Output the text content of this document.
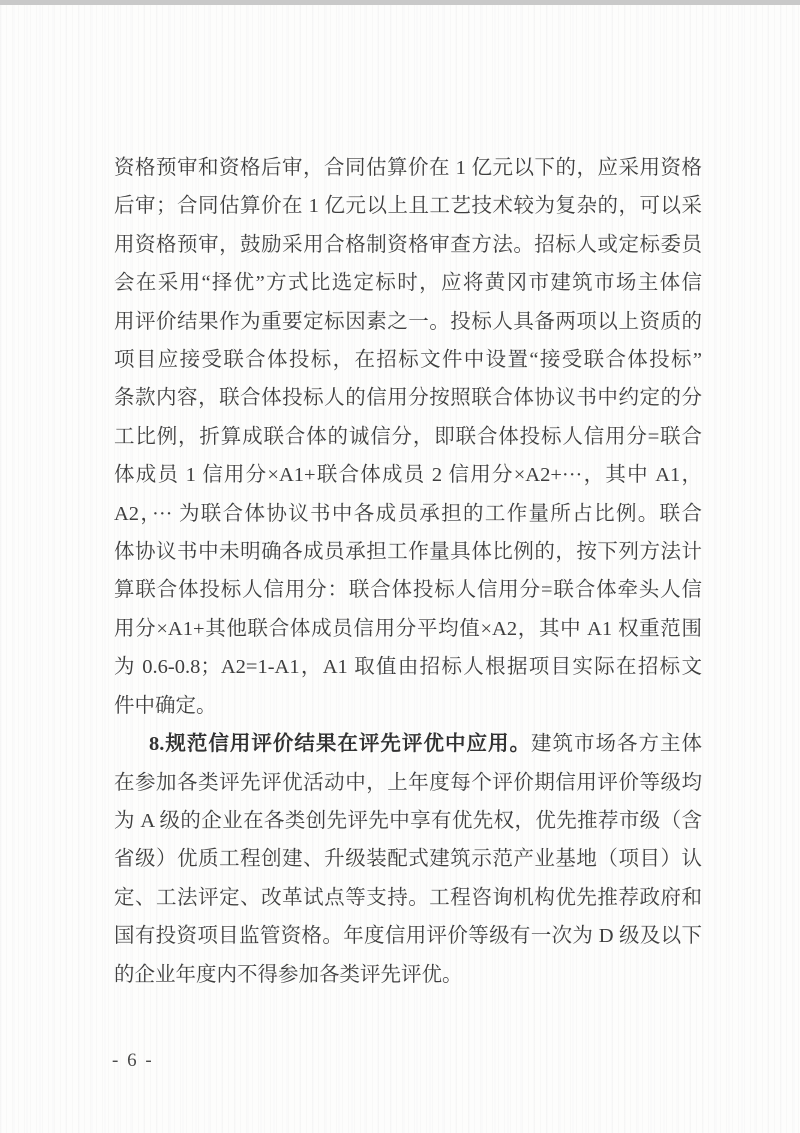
资格预审和资格后审，合同估算价在 1 亿元以下的，应采用资格
后审；合同估算价在 1 亿元以上且工艺技术较为复杂的，可以采
用资格预审，鼓励采用合格制资格审查方法。招标人或定标委员
会在采用“择优”方式比选定标时，应将黄冈市建筑市场主体信
用评价结果作为重要定标因素之一。投标人具备两项以上资质的
项目应接受联合体投标，在招标文件中设置“接受联合体投标”
条款内容，联合体投标人的信用分按照联合体协议书中约定的分
工比例，折算成联合体的诚信分，即联合体投标人信用分=联合
体成员 1 信用分×A1+联合体成员 2 信用分×A2+···，其中 A1，
A2，··· 为联合体协议书中各成员承担的工作量所占比例。联合
体协议书中未明确各成员承担工作量具体比例的，按下列方法计
算联合体投标人信用分：联合体投标人信用分=联合体牵头人信
用分×A1+其他联合体成员信用分平均值×A2，其中 A1 权重范围
为 0.6-0.8；A2=1-A1，A1 取值由招标人根据项目实际在招标文
件中确定。
8.规范信用评价结果在评先评优中应用。建筑市场各方主体
在参加各类评先评优活动中，上年度每个评价期信用评价等级均
为 A 级的企业在各类创先评先中享有优先权，优先推荐市级（含
省级）优质工程创建、升级装配式建筑示范产业基地（项目）认
定、工法评定、改革试点等支持。工程咨询机构优先推荐政府和
国有投资项目监管资格。年度信用评价等级有一次为 D 级及以下
的企业年度内不得参加各类评先评优。
- 6 -
